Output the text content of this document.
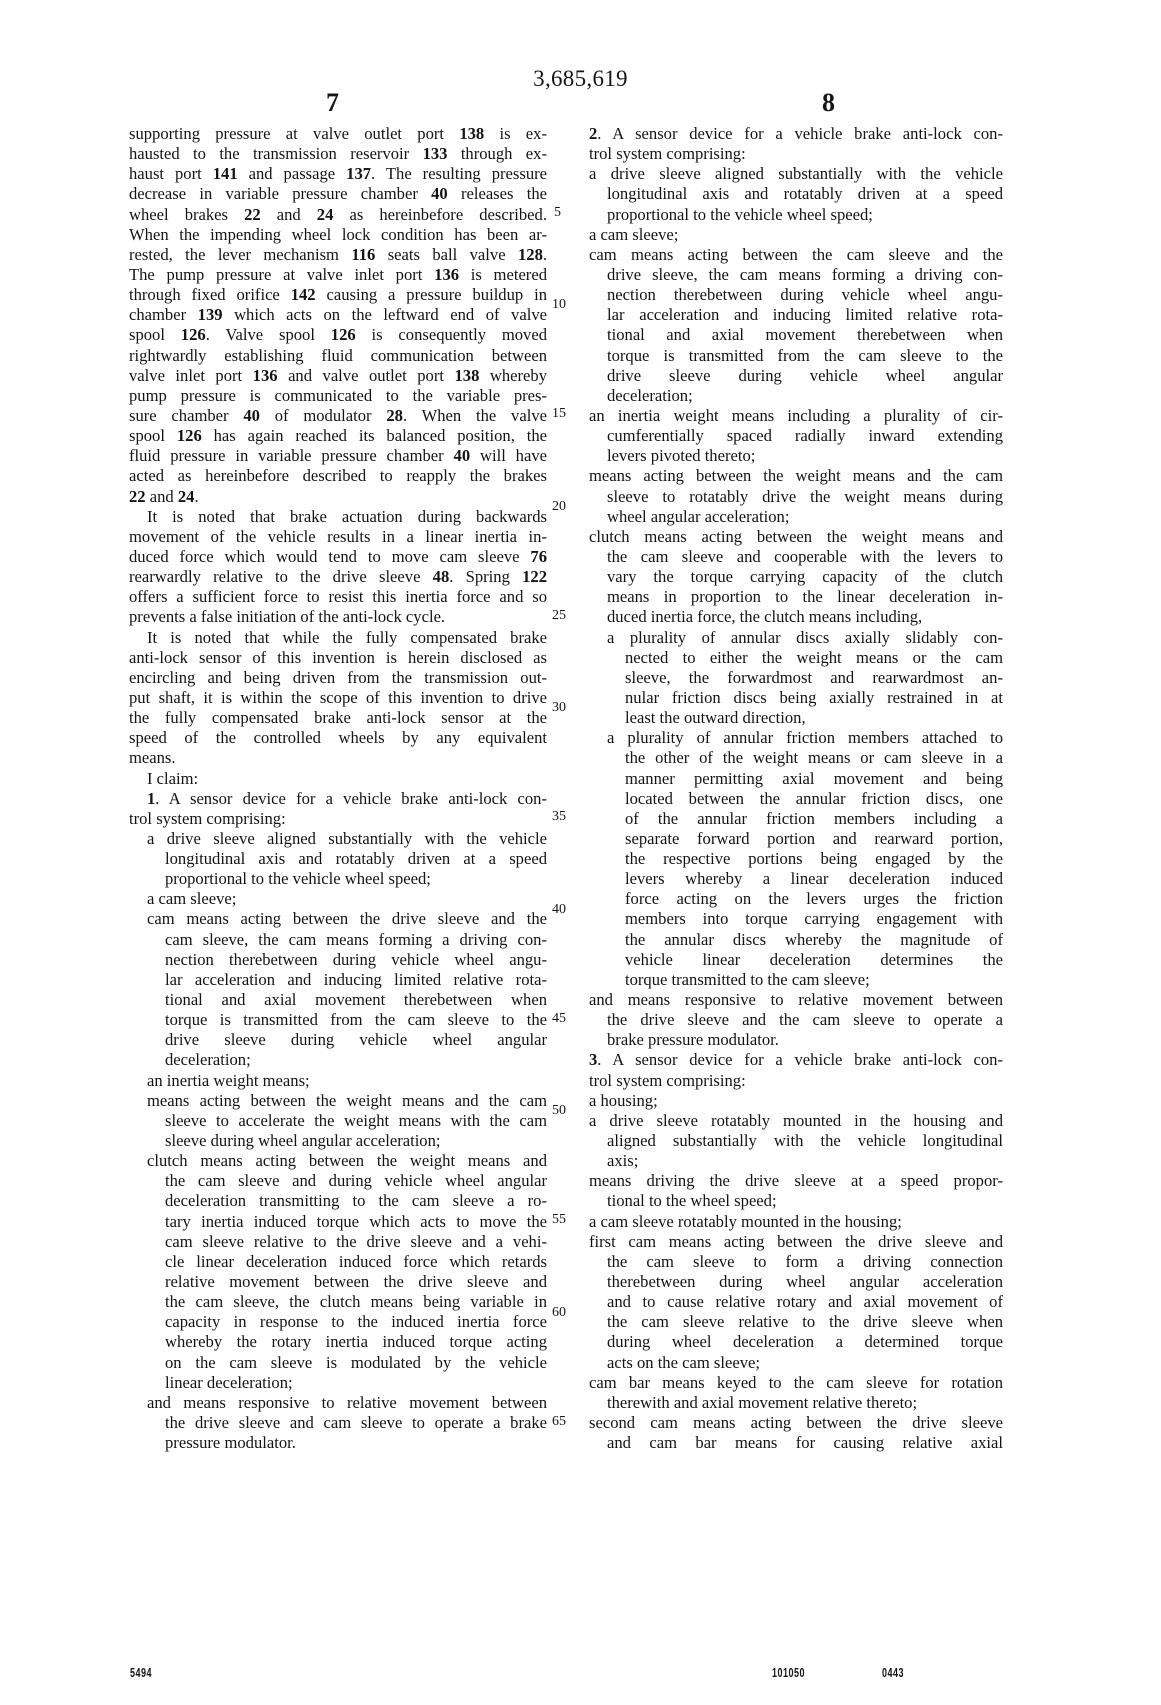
3,685,619
7	8
supporting pressure at valve outlet port 138 is ex-
hausted to the transmission reservoir 133 through ex-
haust port 141 and passage 137. The resulting pressure
decrease in variable pressure chamber 40 releases the
wheel brakes 22 and 24 as hereinbefore described.
When the impending wheel lock condition has been ar-
rested, the lever mechanism 116 seats ball valve 128.
The pump pressure at valve inlet port 136 is metered
through fixed orifice 142 causing a pressure buildup in
chamber 139 which acts on the leftward end of valve
spool 126. Valve spool 126 is consequently moved
rightwardly establishing fluid communication between
valve inlet port 136 and valve outlet port 138 whereby
pump pressure is communicated to the variable pres-
sure chamber 40 of modulator 28. When the valve
spool 126 has again reached its balanced position, the
fluid pressure in variable pressure chamber 40 will have
acted as hereinbefore described to reapply the brakes
22 and 24.
It is noted that brake actuation during backwards
movement of the vehicle results in a linear inertia in-
duced force which would tend to move cam sleeve 76
rearwardly relative to the drive sleeve 48. Spring 122
offers a sufficient force to resist this inertia force and so
prevents a false initiation of the anti-lock cycle.
It is noted that while the fully compensated brake
anti-lock sensor of this invention is herein disclosed as
encircling and being driven from the transmission out-
put shaft, it is within the scope of this invention to drive
the fully compensated brake anti-lock sensor at the
speed of the controlled wheels by any equivalent
means.
I claim:
1. A sensor device for a vehicle brake anti-lock con-
trol system comprising:
a drive sleeve aligned substantially with the vehicle
longitudinal axis and rotatably driven at a speed
proportional to the vehicle wheel speed;
a cam sleeve;
cam means acting between the drive sleeve and the
cam sleeve, the cam means forming a driving con-
nection therebetween during vehicle wheel angu-
lar acceleration and inducing limited relative rota-
tional and axial movement therebetween when
torque is transmitted from the cam sleeve to the
drive sleeve during vehicle wheel angular
deceleration;
an inertia weight means;
means acting between the weight means and the cam
sleeve to accelerate the weight means with the cam
sleeve during wheel angular acceleration;
clutch means acting between the weight means and
the cam sleeve and during vehicle wheel angular
deceleration transmitting to the cam sleeve a ro-
tary inertia induced torque which acts to move the
cam sleeve relative to the drive sleeve and a vehi-
cle linear deceleration induced force which retards
relative movement between the drive sleeve and
the cam sleeve, the clutch means being variable in
capacity in response to the induced inertia force
whereby the rotary inertia induced torque acting
on the cam sleeve is modulated by the vehicle
linear deceleration;
and means responsive to relative movement between
the drive sleeve and cam sleeve to operate a brake
pressure modulator.
2. A sensor device for a vehicle brake anti-lock con-
trol system comprising:
a drive sleeve aligned substantially with the vehicle
longitudinal axis and rotatably driven at a speed
proportional to the vehicle wheel speed;
a cam sleeve;
cam means acting between the cam sleeve and the
drive sleeve, the cam means forming a driving con-
nection therebetween during vehicle wheel angu-
lar acceleration and inducing limited relative rota-
tional and axial movement therebetween when
torque is transmitted from the cam sleeve to the
drive sleeve during vehicle wheel angular
deceleration;
an inertia weight means including a plurality of cir-
cumferentially spaced radially inward extending
levers pivoted thereto;
means acting between the weight means and the cam
sleeve to rotatably drive the weight means during
wheel angular acceleration;
clutch means acting between the weight means and
the cam sleeve and cooperable with the levers to
vary the torque carrying capacity of the clutch
means in proportion to the linear deceleration in-
duced inertia force, the clutch means including,
a plurality of annular discs axially slidably con-
nected to either the weight means or the cam
sleeve, the forwardmost and rearwardmost an-
nular friction discs being axially restrained in at
least the outward direction,
a plurality of annular friction members attached to
the other of the weight means or cam sleeve in a
manner permitting axial movement and being
located between the annular friction discs, one
of the annular friction members including a
separate forward portion and rearward portion,
the respective portions being engaged by the
levers whereby a linear deceleration induced
force acting on the levers urges the friction
members into torque carrying engagement with
the annular discs whereby the magnitude of
vehicle linear deceleration determines the
torque transmitted to the cam sleeve;
and means responsive to relative movement between
the drive sleeve and the cam sleeve to operate a
brake pressure modulator.
3. A sensor device for a vehicle brake anti-lock con-
trol system comprising:
a housing;
a drive sleeve rotatably mounted in the housing and
aligned substantially with the vehicle longitudinal
axis;
means driving the drive sleeve at a speed propor-
tional to the wheel speed;
a cam sleeve rotatably mounted in the housing;
first cam means acting between the drive sleeve and
the cam sleeve to form a driving connection
therebetween during wheel angular acceleration
and to cause relative rotary and axial movement of
the cam sleeve relative to the drive sleeve when
during wheel deceleration a determined torque
acts on the cam sleeve;
cam bar means keyed to the cam sleeve for rotation
therewith and axial movement relative thereto;
second cam means acting between the drive sleeve
and cam bar means for causing relative axial
5
10
15
20
25
30
35
40
45
50
55
60
65
5494	101050	0443
